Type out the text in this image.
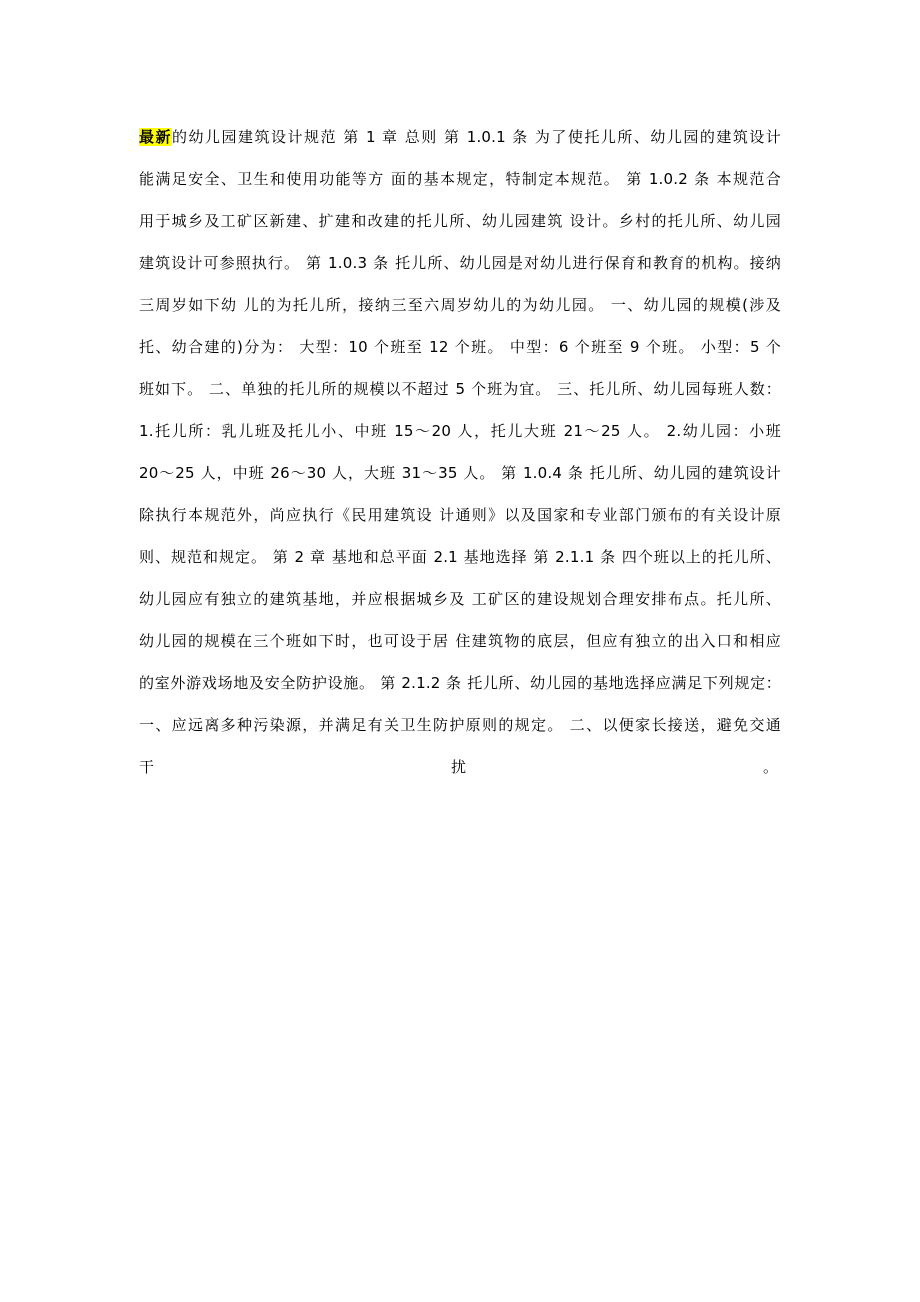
最新的幼儿园建筑设计规范 第 1 章 总则 第 1.0.1 条 为了使托儿所、幼儿园的建筑设计
能满足安全、卫生和使用功能等方 面的基本规定，特制定本规范。 第 1.0.2 条 本规范合
用于城乡及工矿区新建、扩建和改建的托儿所、幼儿园建筑 设计。乡村的托儿所、幼儿园
建筑设计可参照执行。 第 1.0.3 条 托儿所、幼儿园是对幼儿进行保育和教育的机构。接纳
三周岁如下幼 儿的为托儿所，接纳三至六周岁幼儿的为幼儿园。 一、幼儿园的规模(涉及
托、幼合建的)分为： 大型：10 个班至 12 个班。 中型：6 个班至 9 个班。 小型：5 个
班如下。 二、单独的托儿所的规模以不超过 5 个班为宜。 三、托儿所、幼儿园每班人数：
1.托儿所：乳儿班及托儿小、中班 15～20 人，托儿大班 21～25 人。 2.幼儿园：小班
20～25 人，中班 26～30 人，大班 31～35 人。 第 1.0.4 条 托儿所、幼儿园的建筑设计
除执行本规范外，尚应执行《民用建筑设 计通则》以及国家和专业部门颁布的有关设计原
则、规范和规定。 第 2 章 基地和总平面 2.1 基地选择 第 2.1.1 条 四个班以上的托儿所、
幼儿园应有独立的建筑基地，并应根据城乡及 工矿区的建设规划合理安排布点。托儿所、
幼儿园的规模在三个班如下时，也可设于居 住建筑物的底层，但应有独立的出入口和相应
的室外游戏场地及安全防护设施。 第 2.1.2 条 托儿所、幼儿园的基地选择应满足下列规定：
一、应远离多种污染源，并满足有关卫生防护原则的规定。 二、以便家长接送，避免交通
干	扰	。
